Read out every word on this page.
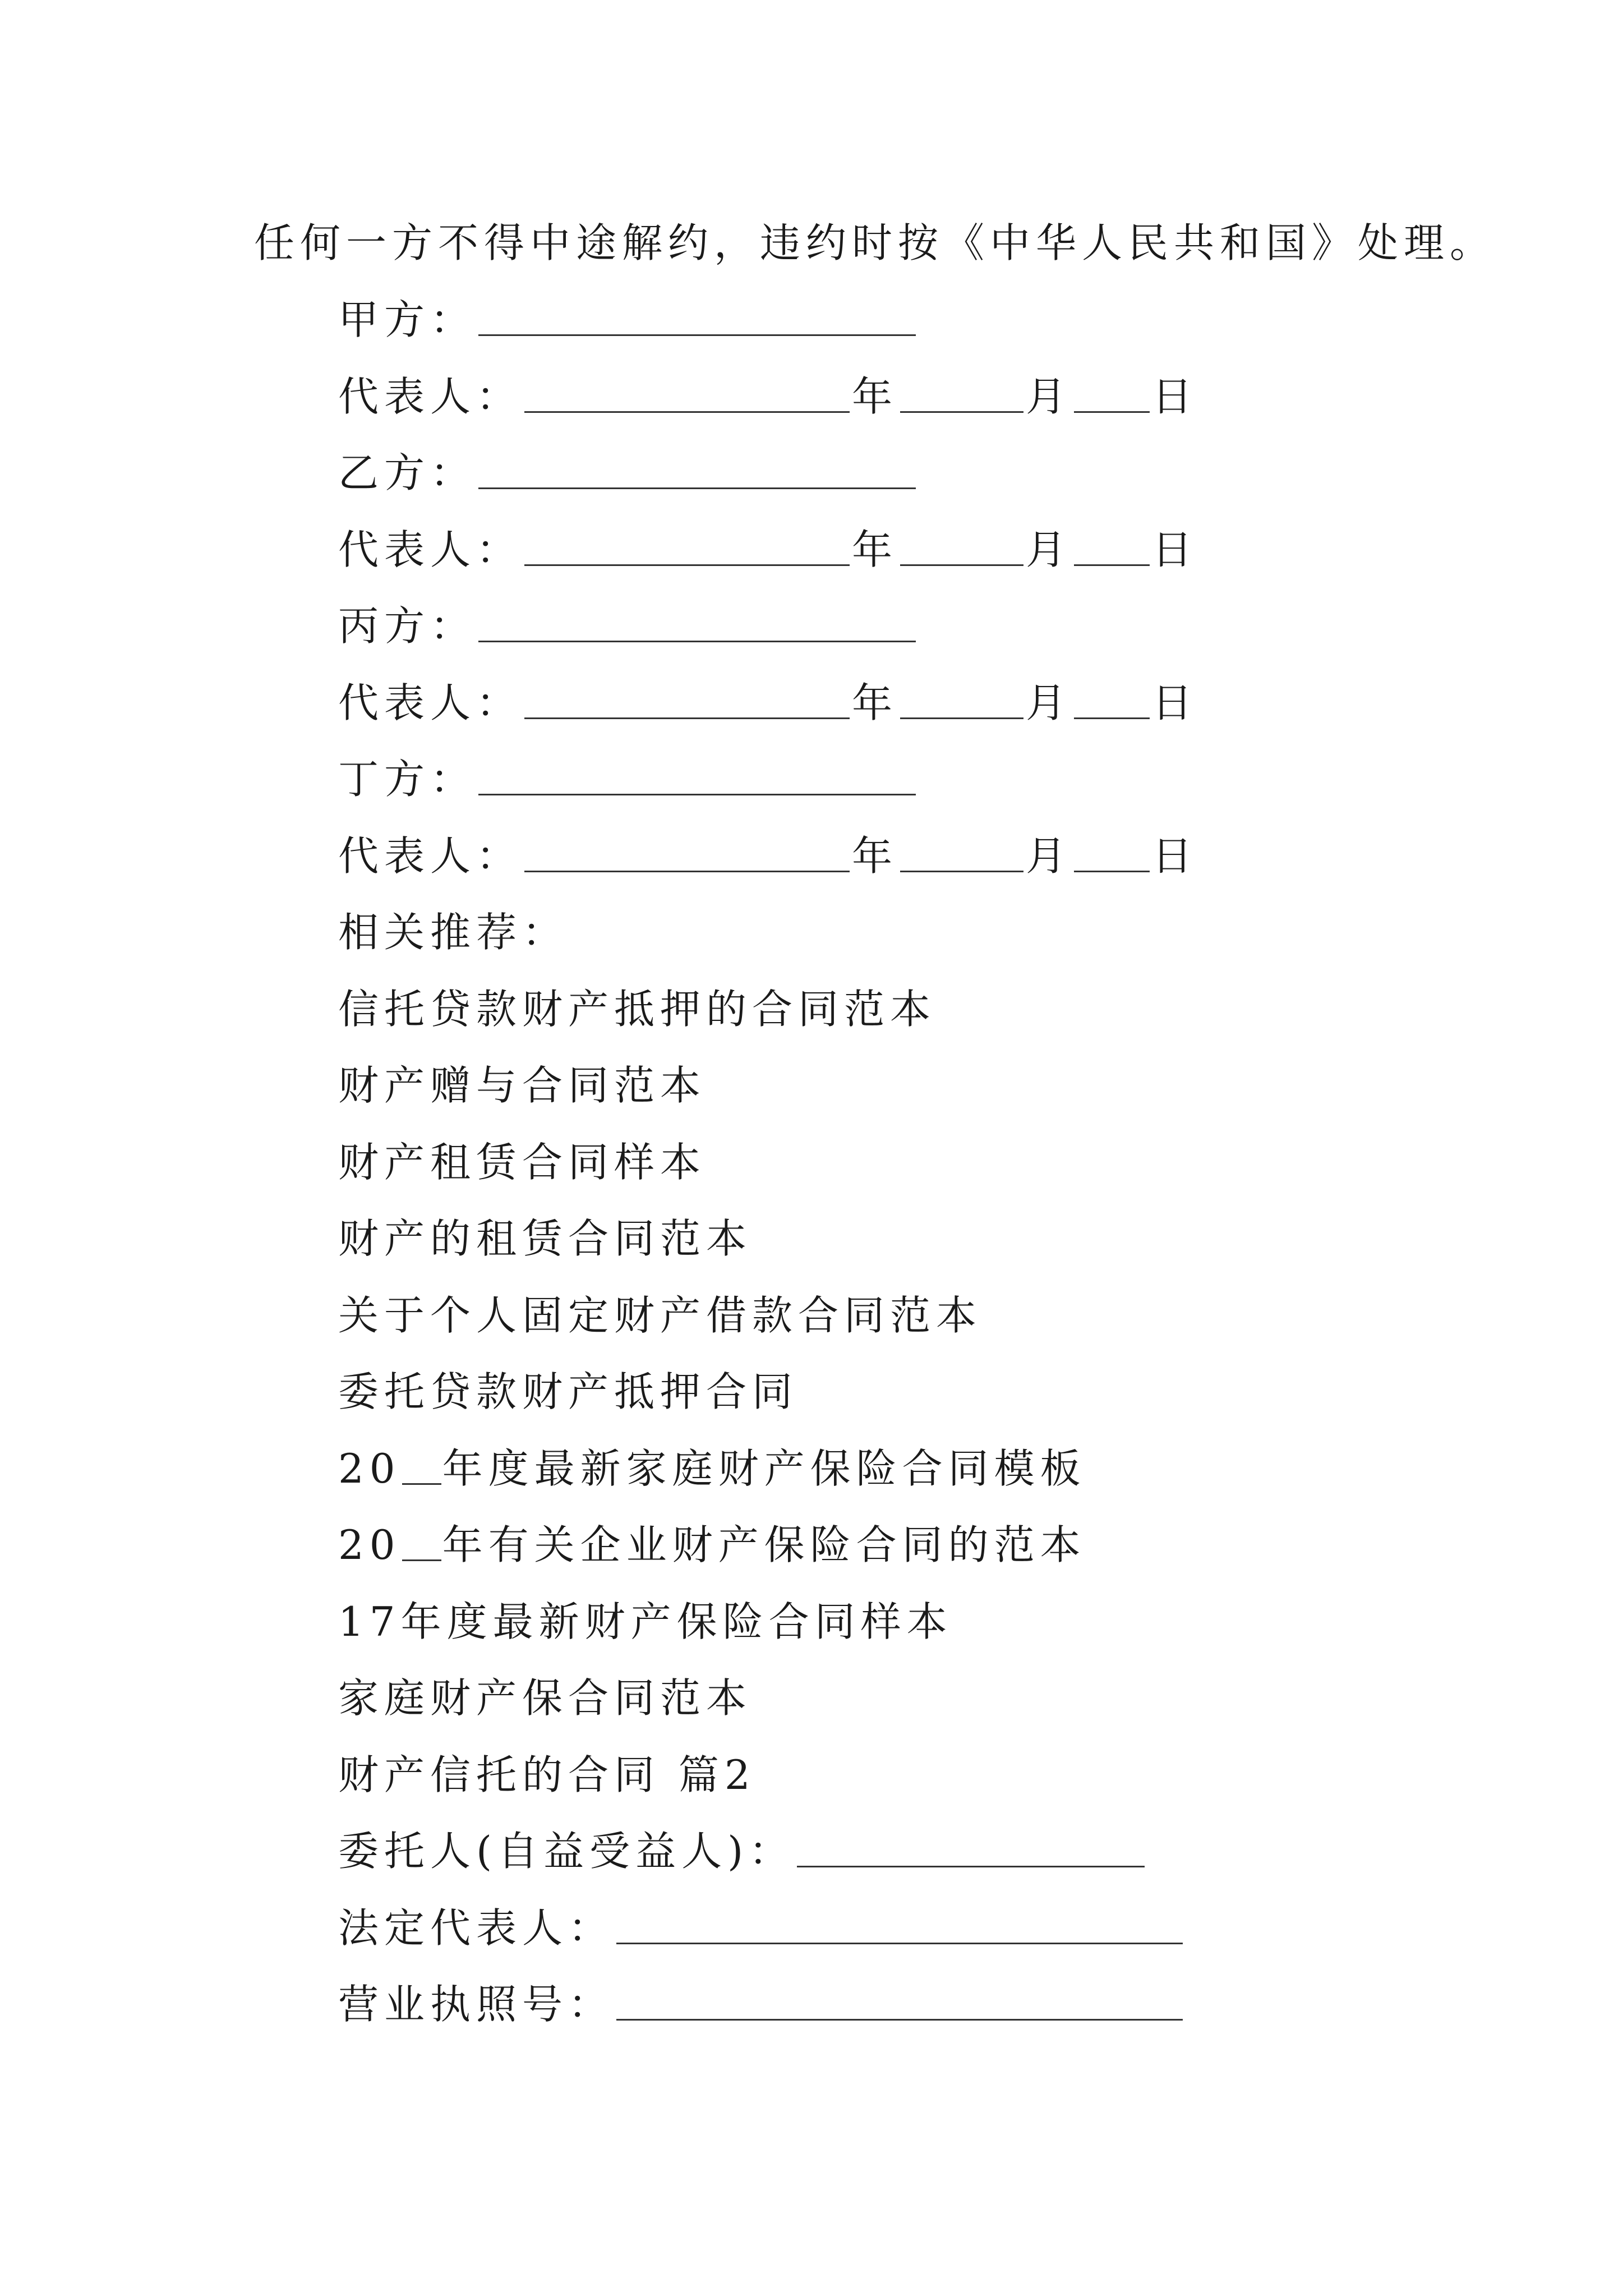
任何一方不得中途解约，违约时按《中华人民共和国》处理。
甲方：
代表人：	年	月 日
乙方：
代表人：	年	月 日
丙方：
代表人：	年	月 日
丁方：
代表人：	年	月 日
相关推荐：
信托贷款财产抵押的合同范本
财产赠与合同范本
财产租赁合同样本
财产的租赁合同范本
关于个人固定财产借款合同范本
委托贷款财产抵押合同
20 年度最新家庭财产保险合同模板
20 年有关企业财产保险合同的范本
17年度最新财产保险合同样本
家庭财产保合同范本
财产信托的合同 篇2
委托人(自益受益人)：
法定代表人：
营业执照号：
